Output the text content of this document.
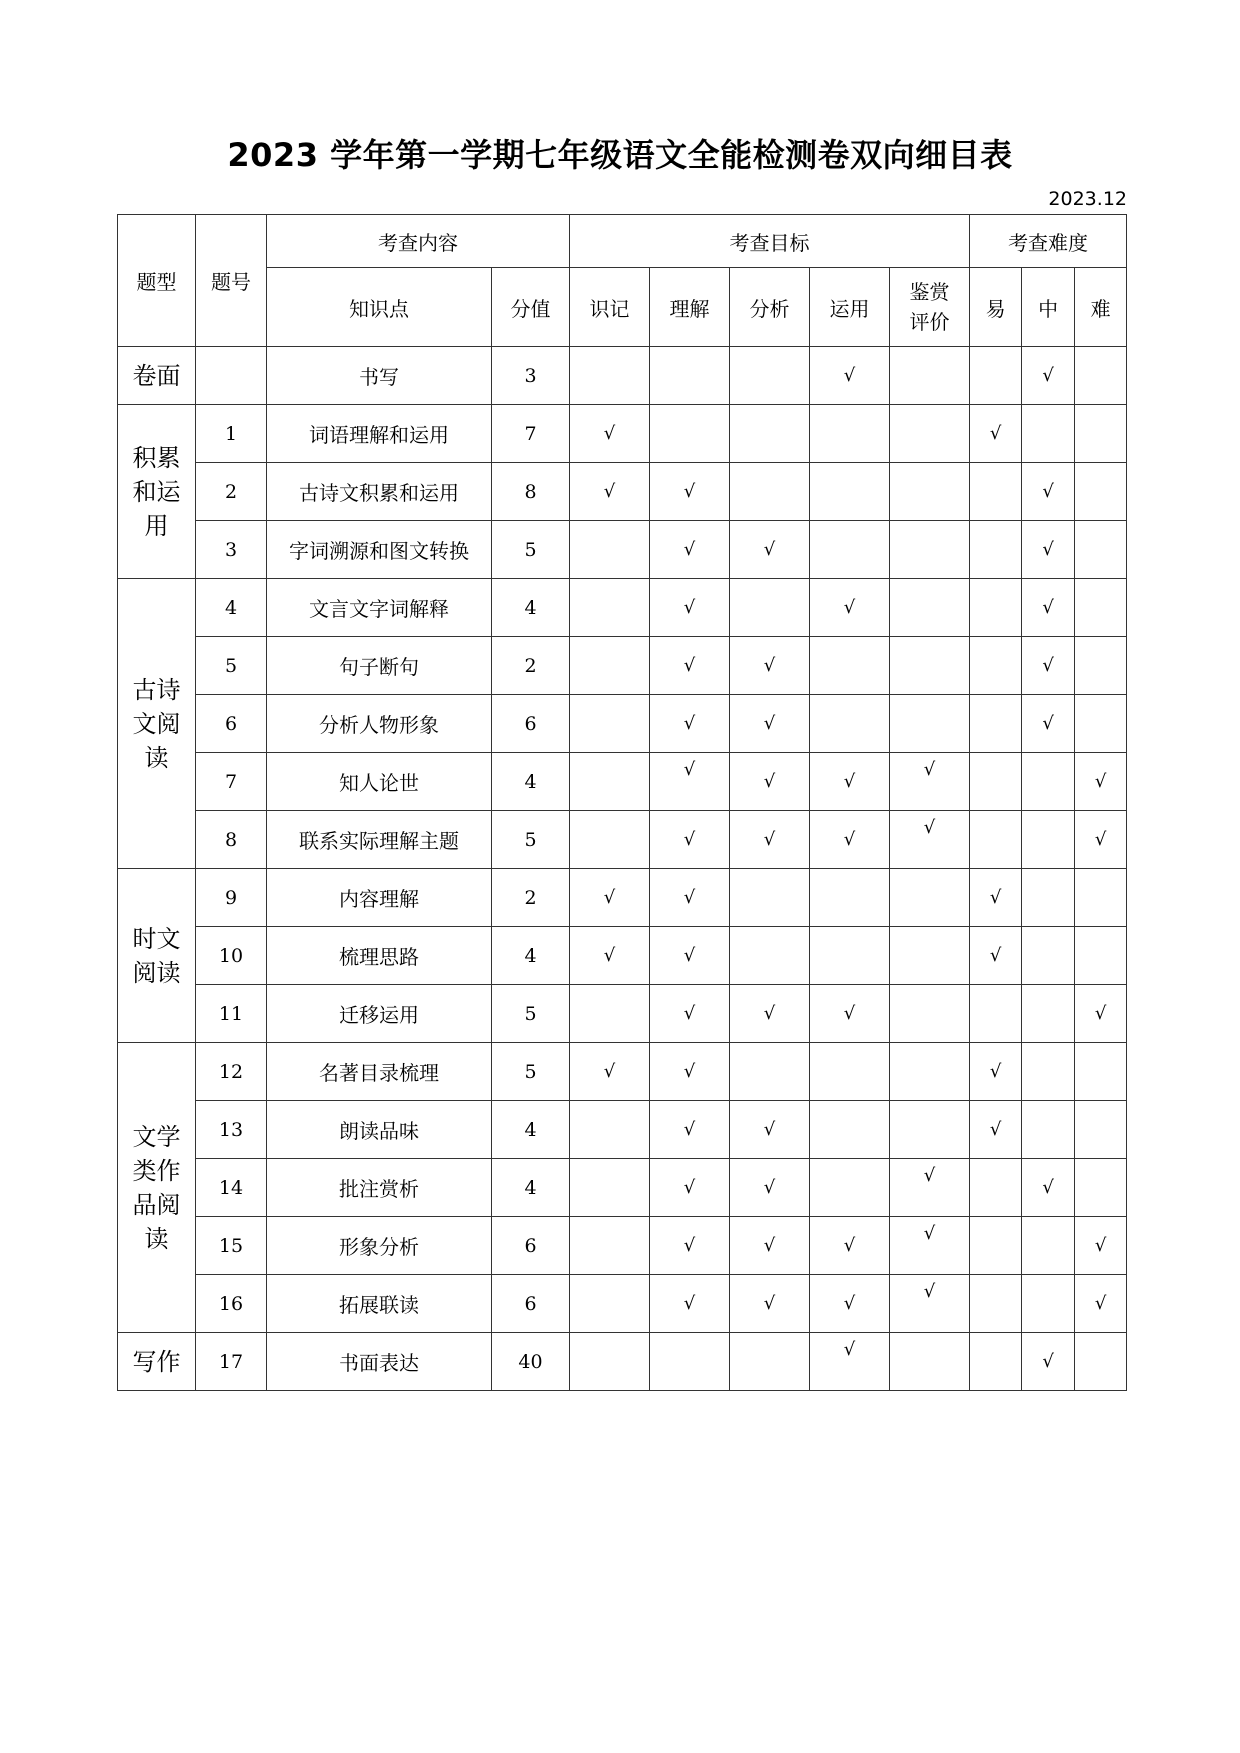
2023 学年第一学期七年级语文全能检测卷双向细目表
2023.12
题型	题号	考查内容		考查目标					考查难度		
		知识点	分值	识记	理解	分析	运用	鉴赏
评价	易	中	难
卷面		书写	3				√			√	
积累
和运
用	1	词语理解和运用	7	√					√		
	2	古诗文积累和运用	8	√	√					√	
	3	字词溯源和图文转换	5		√	√				√	
古诗
文阅
读	4	文言文字词解释	4		√		√			√	
	5	句子断句	2		√	√				√	
	6	分析人物形象	6		√	√				√	
	7	知人论世	4		√	√	√	√			√
	8	联系实际理解主题	5		√	√	√	√			√
时文
阅读	9	内容理解	2	√	√				√		
	10	梳理思路	4	√	√				√		
	11	迁移运用	5		√	√	√				√
文学
类作
品阅
读	12	名著目录梳理	5	√	√				√		
	13	朗读品味	4		√	√			√		
	14	批注赏析	4		√	√		√		√	
	15	形象分析	6		√	√	√	√			√
	16	拓展联读	6		√	√	√	√			√
写作	17	书面表达	40				√			√	
